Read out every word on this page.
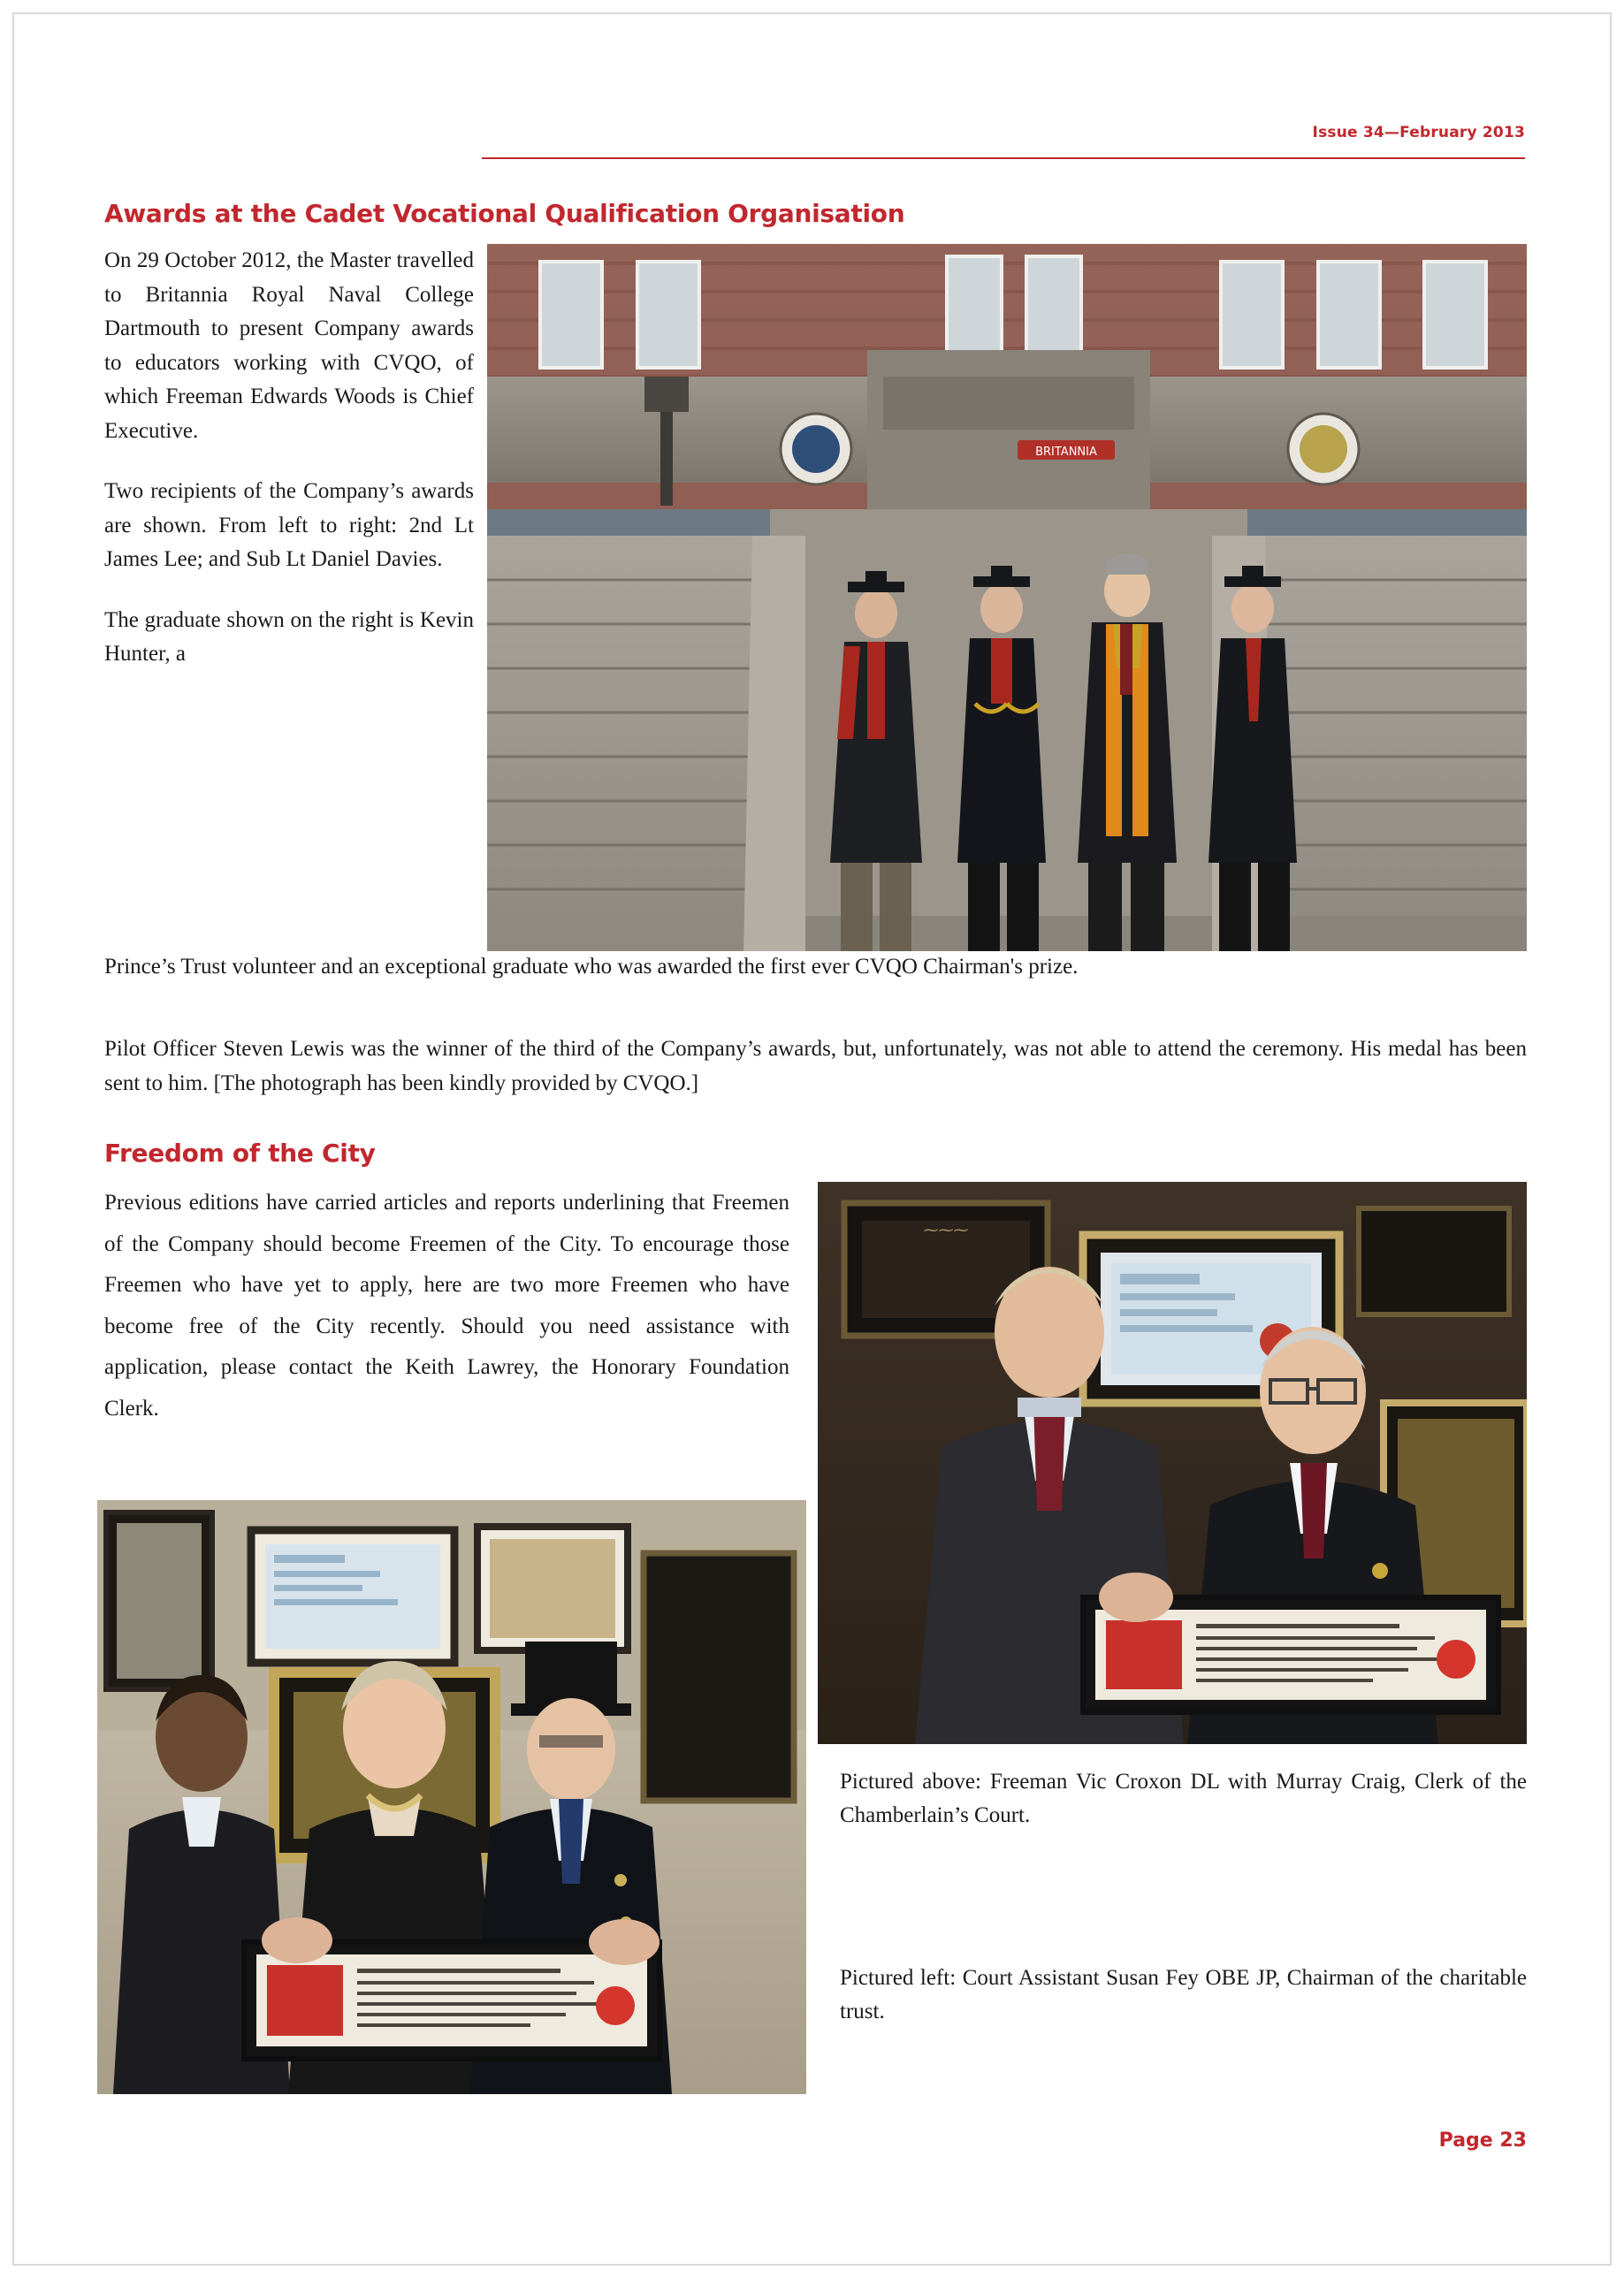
Issue 34—February 2013
Awards at the Cadet Vocational Qualification Organisation

On 29 October 2012, the Master travelled to Britannia Royal Naval College Dartmouth to present Company awards to educators working with CVQO, of which Freeman Edwards Woods is Chief Executive.

Two recipients of the Company’s awards are shown. From left to right: 2nd Lt James Lee; and Sub Lt Daniel Davies.

The graduate shown on the right is Kevin Hunter, a

BRITANNIA
Prince’s Trust volunteer and an exceptional graduate who was awarded the first ever CVQO Chairman's prize.
Pilot Officer Steven Lewis was the winner of the third of the Company’s awards, but, unfortunately, was not able to attend the ceremony. His medal has been sent to him. [The photograph has been kindly provided by CVQO.]
Freedom of the City

Previous editions have carried articles and reports underlining that Freemen of the Company should become Freemen of the City. To encourage those Freemen who have yet to apply, here are two more Freemen who have become free of the City recently. Should you need assistance with application, please contact the Keith Lawrey, the Honorary Foundation Clerk.

⁓⁓⁓
Pictured above: Freeman Vic Croxon DL with Murray Craig, Clerk of the Chamberlain’s Court.
Pictured left: Court Assistant Susan Fey OBE JP, Chairman of the charitable trust.
Page 23
